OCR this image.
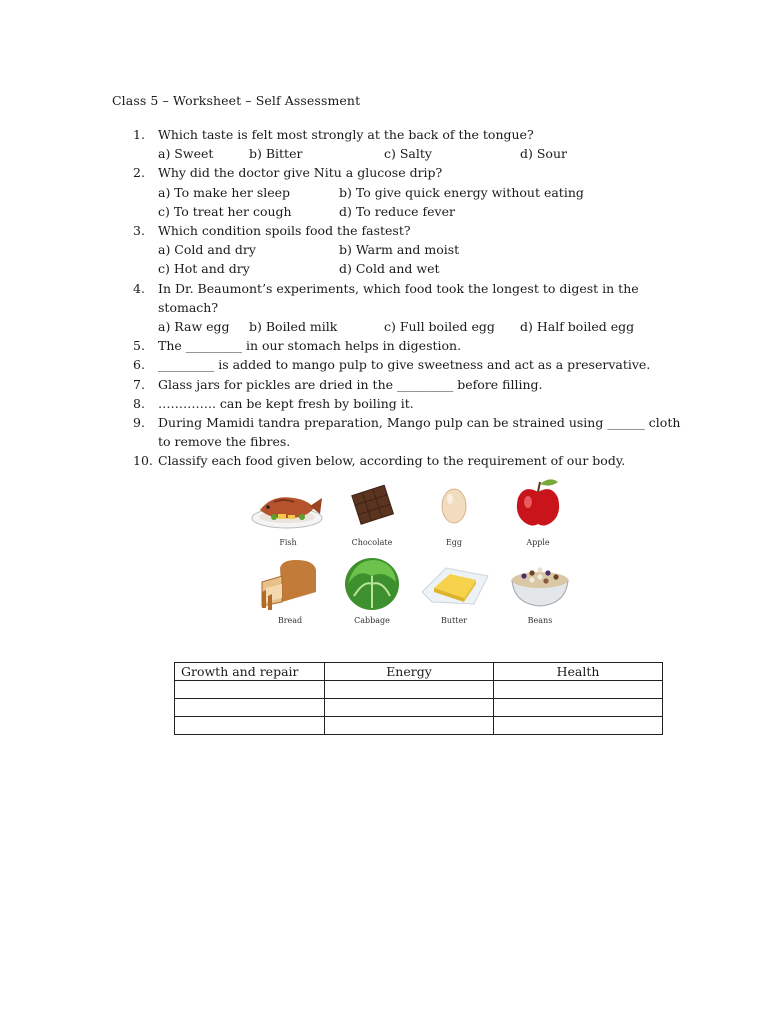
Class 5 – Worksheet – Self Assessment
1.	Which taste is felt most strongly at the back of the tongue?
a) Sweet	b) Bitter	c) Salty	d) Sour
2.	Why did the doctor give Nitu a glucose drip?
a) To make her sleep	b) To give quick energy without eating
c) To treat her cough	d) To reduce fever
3.	Which condition spoils food the fastest?
a) Cold and dry	b) Warm and moist
c) Hot and dry	d) Cold and wet
4.	In Dr. Beaumont’s experiments, which food took the longest to digest in the stomach?
a) Raw egg	b) Boiled milk	c) Full boiled egg	d) Half boiled egg
5.	The _________ in our stomach helps in digestion.
6.	_________ is added to mango pulp to give sweetness and act as a preservative.
7.	Glass jars for pickles are dried in the _________ before filling.
8.	………….. can be kept fresh by boiling it.
9.	During Mamidi tandra preparation, Mango pulp can be strained using ______ cloth to remove the fibres.
10. Classify each food given below, according to the requirement of our body.
Fish	Chocolate	Egg	Apple
Bread	Cabbage	Butter	Beans
Growth and repair	Energy	Health
